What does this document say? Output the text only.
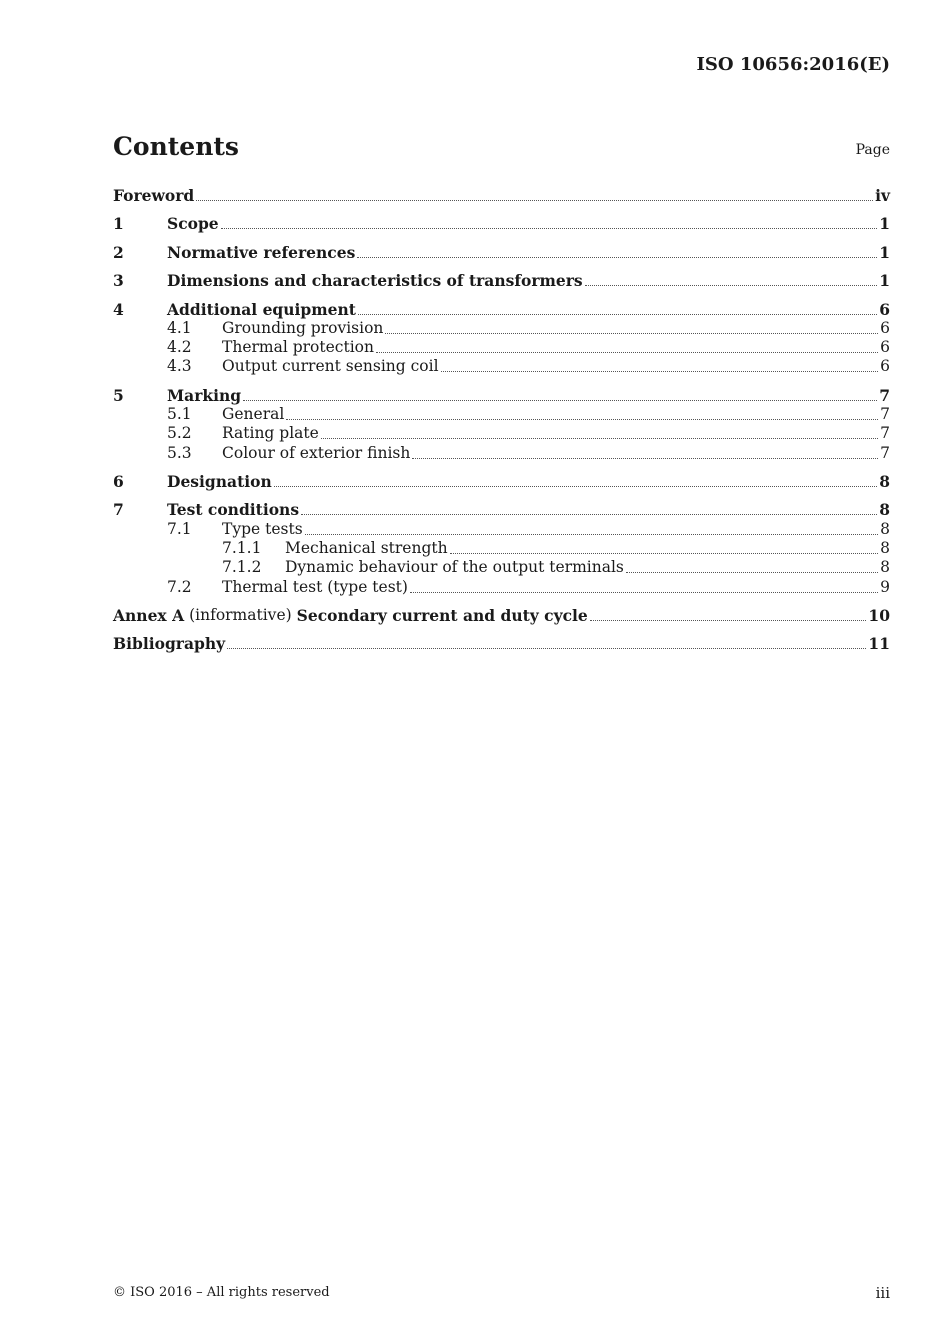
ISO 10656:2016(E)
Contents	Page
Foreword	iv
1	Scope	1
2	Normative references	1
3	Dimensions and characteristics of transformers	1
4	Additional equipment	6
4.1	Grounding provision	6
4.2	Thermal protection	6
4.3	Output current sensing coil	6
5	Marking	7
5.1	General	7
5.2	Rating plate	7
5.3	Colour of exterior finish	7
6	Designation	8
7	Test conditions	8
7.1	Type tests	8
7.1.1	Mechanical strength	8
7.1.2	Dynamic behaviour of the output terminals	8
7.2	Thermal test (type test)	9
Annex A (informative) Secondary current and duty cycle	10
Bibliography	11
© ISO 2016 – All rights reserved	iii
